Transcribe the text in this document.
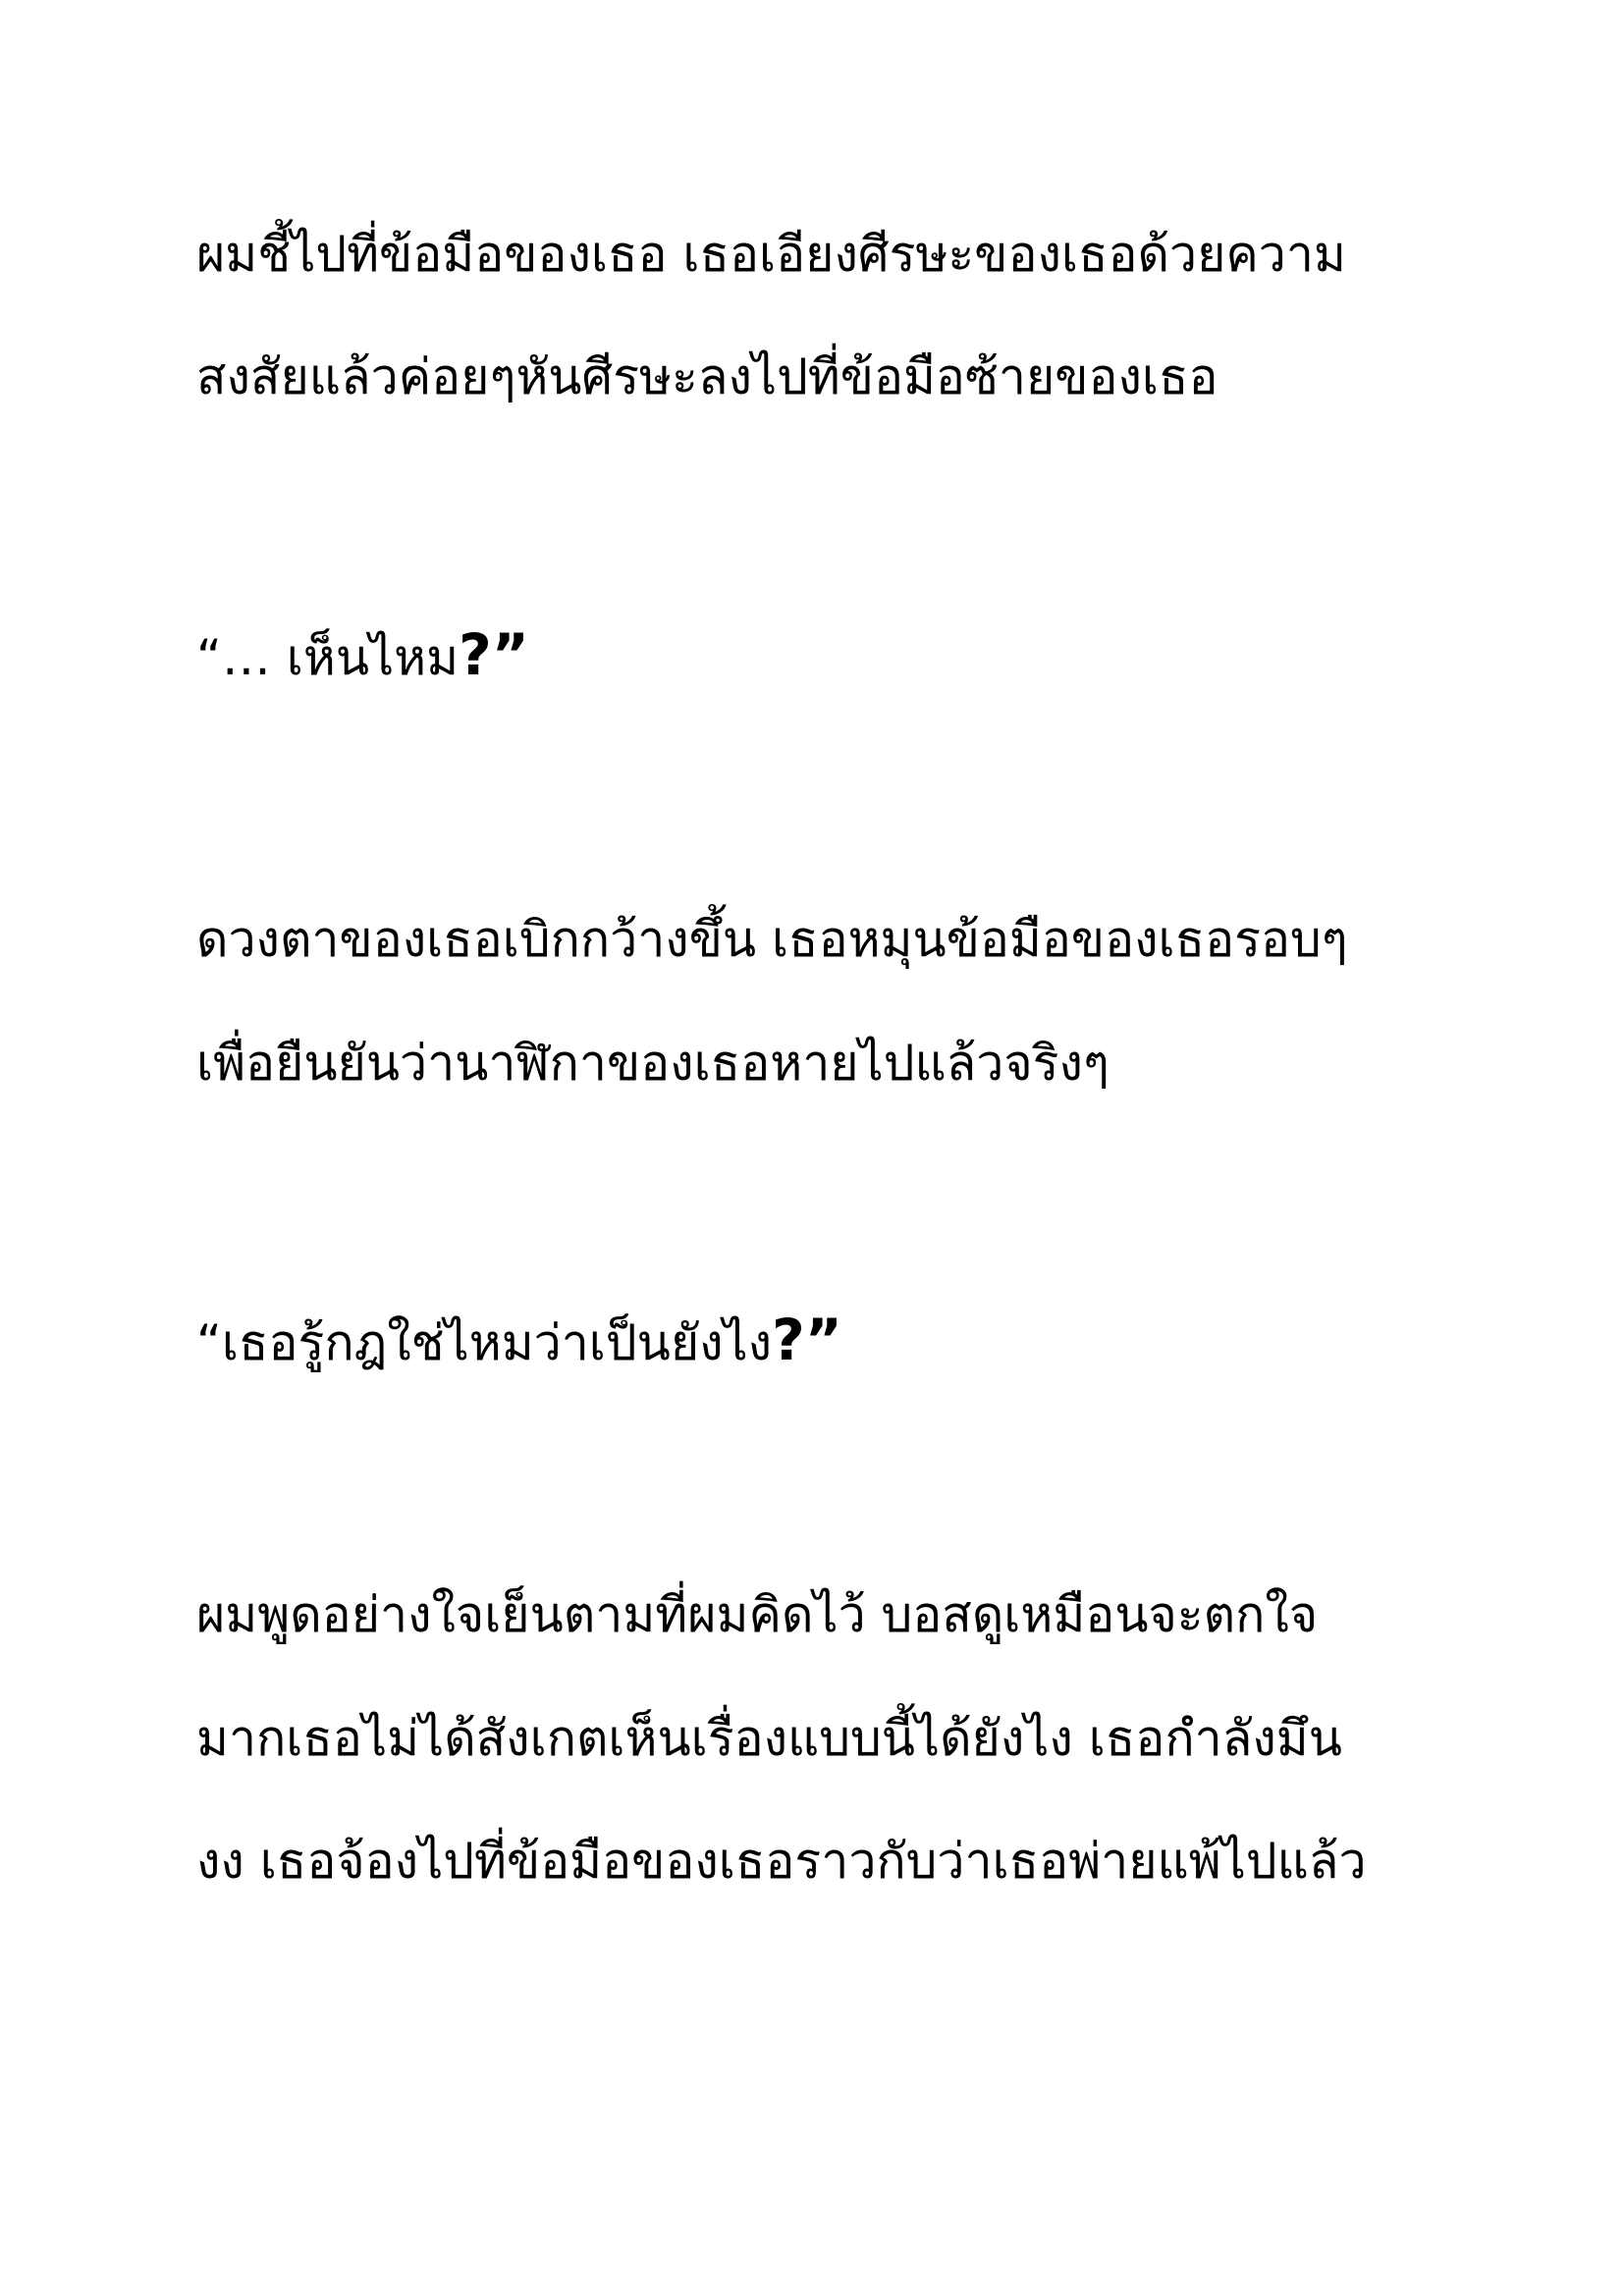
ผมชี้ไปที่ข้อมือของเธอ เธอเอียงศีรษะของเธอด้วยความ

สงสัยแล้วค่อยๆหันศีรษะลงไปที่ข้อมือซ้ายของเธอ

“… เห็นไหม?”

ดวงตาของเธอเบิกกว้างขึ้น เธอหมุนข้อมือของเธอรอบๆ

เพื่อยืนยันว่านาฬิกาของเธอหายไปแล้วจริงๆ

“เธอรู้กฎใช่ไหมว่าเป็นยังไง?”

ผมพูดอย่างใจเย็นตามที่ผมคิดไว้ บอสดูเหมือนจะตกใจ

มากเธอไม่ได้สังเกตเห็นเรื่องแบบนี้ได้ยังไง เธอกำลังมึน

งง เธอจ้องไปที่ข้อมือของเธอราวกับว่าเธอพ่ายแพ้ไปแล้ว
